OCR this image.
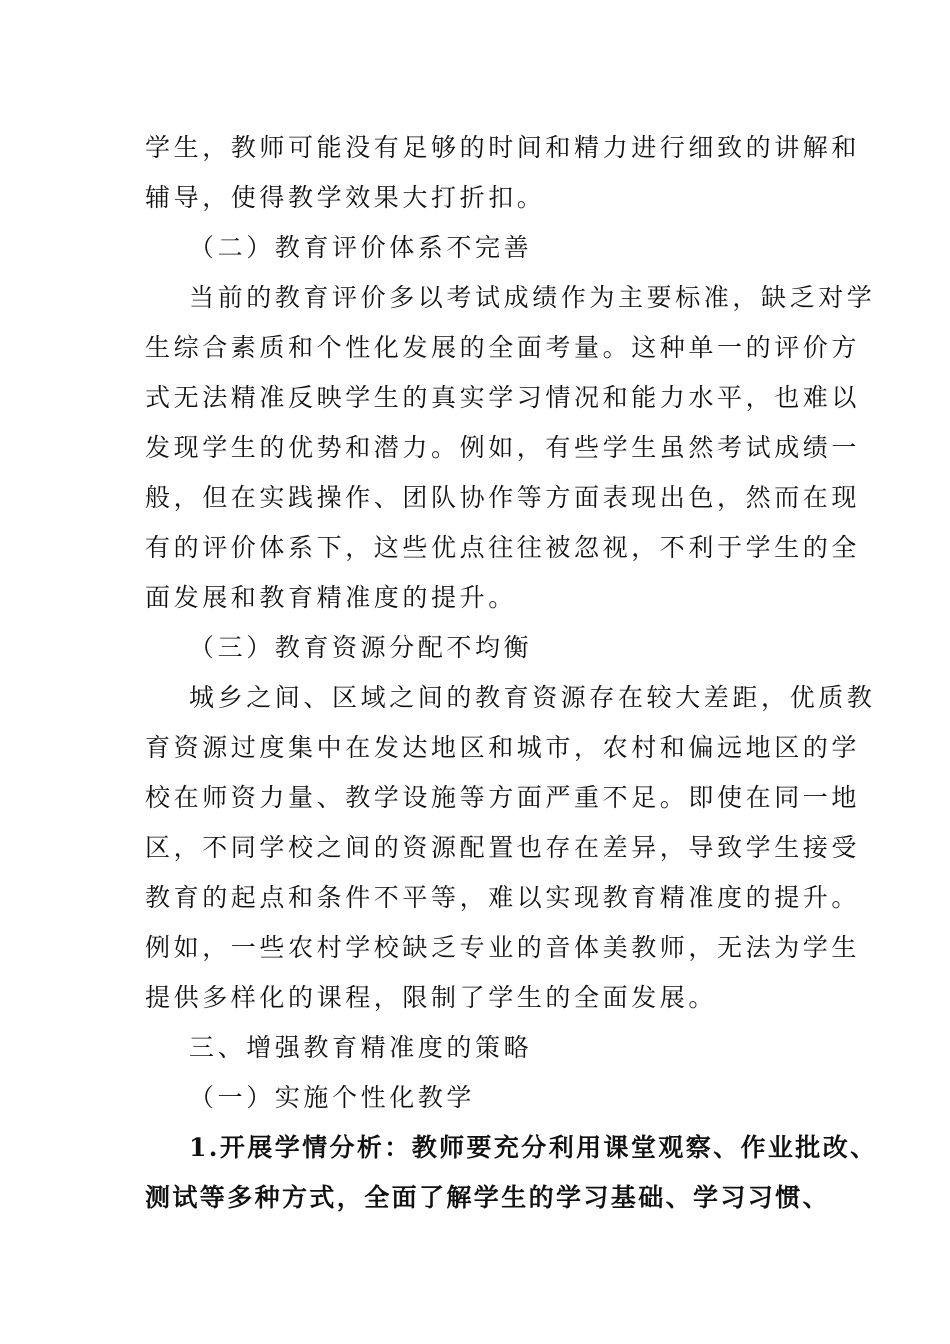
学生，教师可能没有足够的时间和精力进行细致的讲解和
辅导，使得教学效果大打折扣。
（二）教育评价体系不完善
当前的教育评价多以考试成绩作为主要标准，缺乏对学
生综合素质和个性化发展的全面考量。这种单一的评价方
式无法精准反映学生的真实学习情况和能力水平，也难以
发现学生的优势和潜力。例如，有些学生虽然考试成绩一
般，但在实践操作、团队协作等方面表现出色，然而在现
有的评价体系下，这些优点往往被忽视，不利于学生的全
面发展和教育精准度的提升。
（三）教育资源分配不均衡
城乡之间、区域之间的教育资源存在较大差距，优质教
育资源过度集中在发达地区和城市，农村和偏远地区的学
校在师资力量、教学设施等方面严重不足。即使在同一地
区，不同学校之间的资源配置也存在差异，导致学生接受
教育的起点和条件不平等，难以实现教育精准度的提升。
例如，一些农村学校缺乏专业的音体美教师，无法为学生
提供多样化的课程，限制了学生的全面发展。
三、增强教育精准度的策略
（一）实施个性化教学
1.开展学情分析：教师要充分利用课堂观察、作业批改、
测试等多种方式，全面了解学生的学习基础、学习习惯、
